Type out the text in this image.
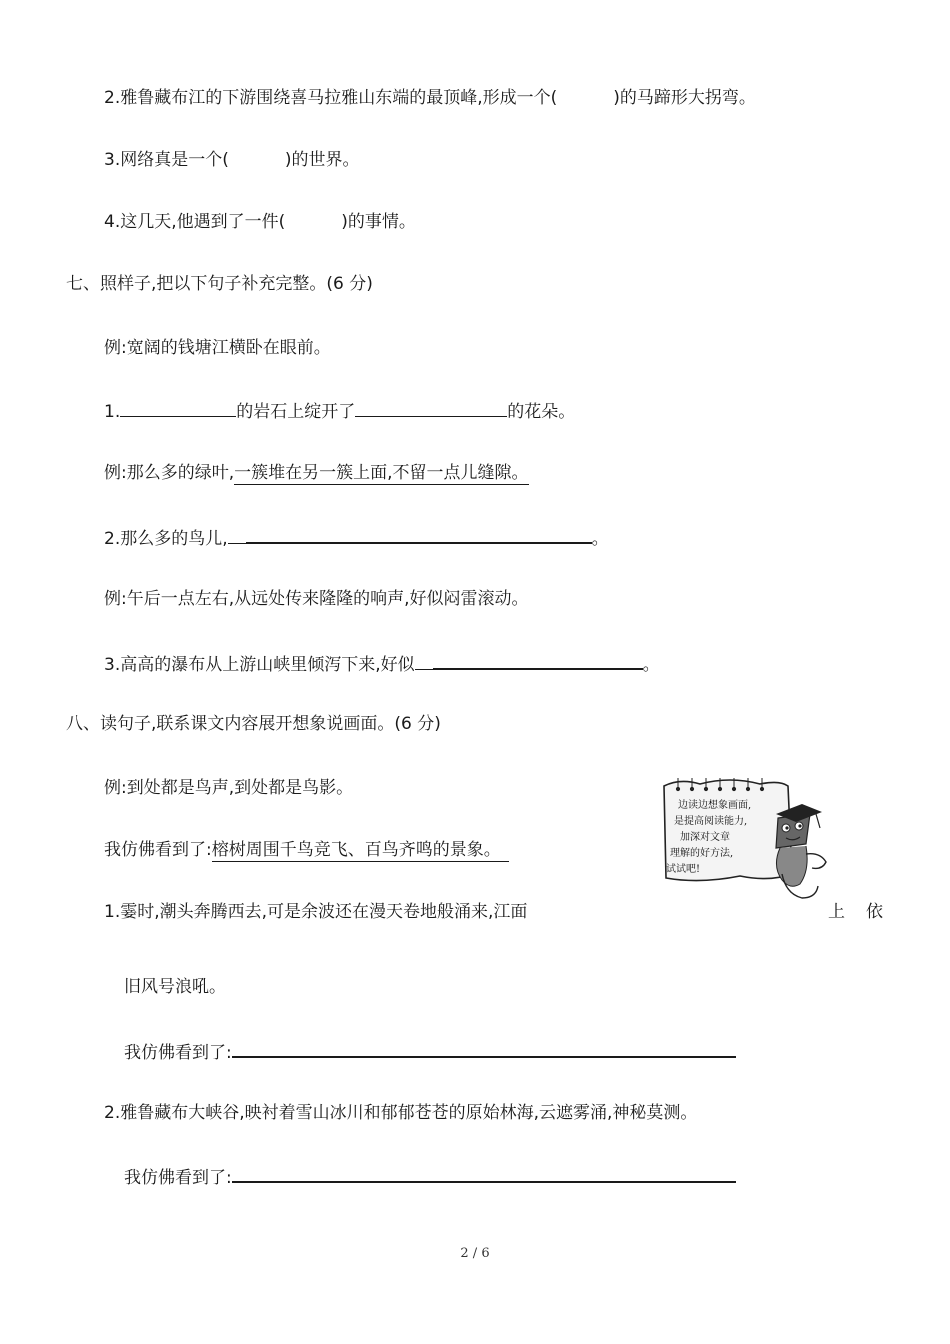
2.雅鲁藏布江的下游围绕喜马拉雅山东端的最顶峰,形成一个(	)的马蹄形大拐弯。
3.网络真是一个(	)的世界。
4.这几天,他遇到了一件(	)的事情。
七、照样子,把以下句子补充完整。(6 分)
例:宽阔的钱塘江横卧在眼前。
1.	的岩石上绽开了	的花朵。
例:那么多的绿叶,一簇堆在另一簇上面,不留一点儿缝隙。
2.那么多的鸟儿,	。
例:午后一点左右,从远处传来隆隆的响声,好似闷雷滚动。
3.高高的瀑布从上游山峡里倾泻下来,好似	。
八、读句子,联系课文内容展开想象说画面。(6 分)
例:到处都是鸟声,到处都是鸟影。
我仿佛看到了:榕树周围千鸟竞飞、百鸟齐鸣的景象。
边读边想象画面,
是提高阅读能力,
加深对文章
理解的好方法,
试试吧!
1.霎时,潮头奔腾西去,可是余波还在漫天卷地般涌来,江面	上 依
旧风号浪吼。
我仿佛看到了:
2.雅鲁藏布大峡谷,映衬着雪山冰川和郁郁苍苍的原始林海,云遮雾涌,神秘莫测。
我仿佛看到了:
2 / 6
